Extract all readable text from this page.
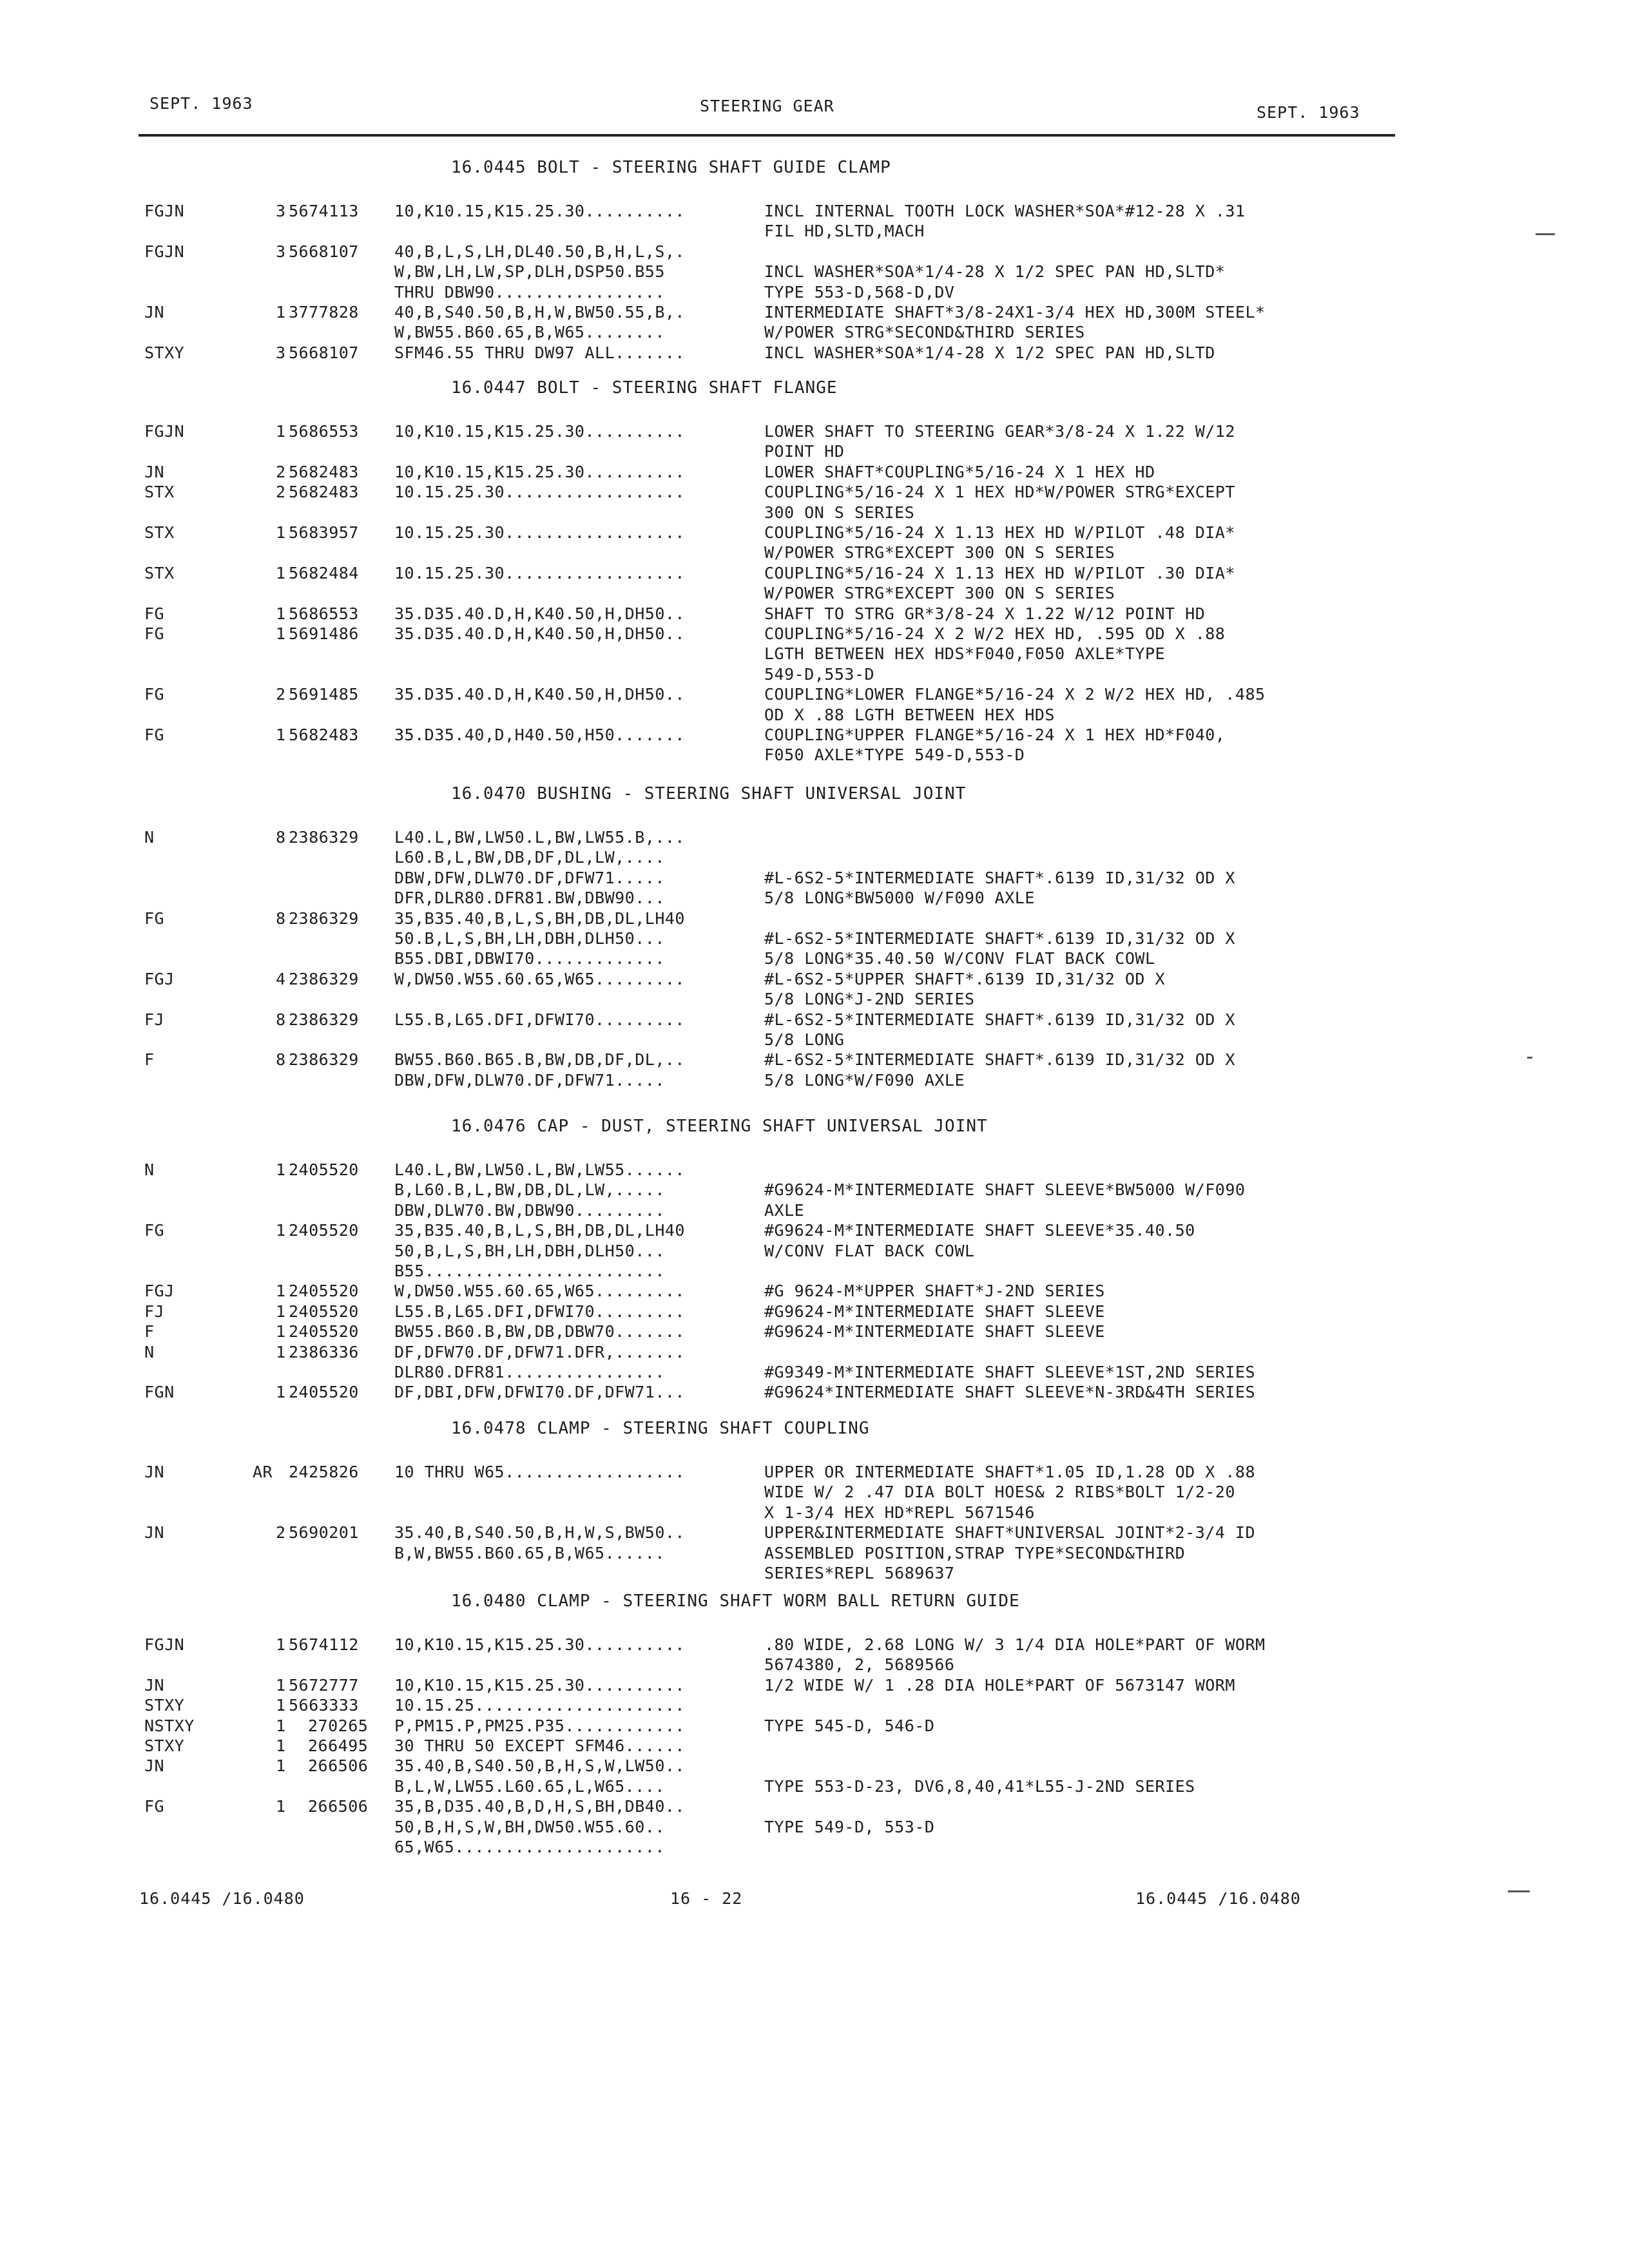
SEPT. 1963	STEERING GEAR	SEPT. 1963
16.0445 BOLT - STEERING SHAFT GUIDE CLAMP
FGJN	3 5674113 10,K10.15,K15.25.30..........	INCL INTERNAL TOOTH LOCK WASHER*SOA*#12-28 X .31
FIL HD,SLTD,MACH
FGJN	3 5668107 40,B,L,S,LH,DL40.50,B,H,L,S,.
W,BW,LH,LW,SP,DLH,DSP50.B55	INCL WASHER*SOA*1/4-28 X 1/2 SPEC PAN HD,SLTD*
THRU DBW90.................	TYPE 553-D,568-D,DV
JN	1 3777828 40,B,S40.50,B,H,W,BW50.55,B,.	INTERMEDIATE SHAFT*3/8-24X1-3/4 HEX HD,300M STEEL*
W,BW55.B60.65,B,W65........	W/POWER STRG*SECOND&THIRD SERIES
STXY	3 5668107 SFM46.55 THRU DW97 ALL.......	INCL WASHER*SOA*1/4-28 X 1/2 SPEC PAN HD,SLTD
16.0447 BOLT - STEERING SHAFT FLANGE
FGJN	1 5686553 10,K10.15,K15.25.30..........	LOWER SHAFT TO STEERING GEAR*3/8-24 X 1.22 W/12
POINT HD
JN	2 5682483 10,K10.15,K15.25.30..........	LOWER SHAFT*COUPLING*5/16-24 X 1 HEX HD
STX	2 5682483 10.15.25.30..................	COUPLING*5/16-24 X 1 HEX HD*W/POWER STRG*EXCEPT
300 ON S SERIES
STX	1 5683957 10.15.25.30..................	COUPLING*5/16-24 X 1.13 HEX HD W/PILOT .48 DIA*
W/POWER STRG*EXCEPT 300 ON S SERIES
STX	1 5682484 10.15.25.30..................	COUPLING*5/16-24 X 1.13 HEX HD W/PILOT .30 DIA*
W/POWER STRG*EXCEPT 300 ON S SERIES
FG	1 5686553 35.D35.40.D,H,K40.50,H,DH50..	SHAFT TO STRG GR*3/8-24 X 1.22 W/12 POINT HD
FG	1 5691486 35.D35.40.D,H,K40.50,H,DH50..	COUPLING*5/16-24 X 2 W/2 HEX HD, .595 OD X .88
LGTH BETWEEN HEX HDS*F040,F050 AXLE*TYPE
549-D,553-D
FG	2 5691485 35.D35.40.D,H,K40.50,H,DH50..	COUPLING*LOWER FLANGE*5/16-24 X 2 W/2 HEX HD, .485
OD X .88 LGTH BETWEEN HEX HDS
FG	1 5682483 35.D35.40,D,H40.50,H50.......	COUPLING*UPPER FLANGE*5/16-24 X 1 HEX HD*F040,
F050 AXLE*TYPE 549-D,553-D
16.0470 BUSHING - STEERING SHAFT UNIVERSAL JOINT
N	8 2386329 L40.L,BW,LW50.L,BW,LW55.B,...
L60.B,L,BW,DB,DF,DL,LW,....
DBW,DFW,DLW70.DF,DFW71.....	#L-6S2-5*INTERMEDIATE SHAFT*.6139 ID,31/32 OD X
DFR,DLR80.DFR81.BW,DBW90...	5/8 LONG*BW5000 W/F090 AXLE
FG	8 2386329 35,B35.40,B,L,S,BH,DB,DL,LH40
50.B,L,S,BH,LH,DBH,DLH50...	#L-6S2-5*INTERMEDIATE SHAFT*.6139 ID,31/32 OD X
B55.DBI,DBWI70.............	5/8 LONG*35.40.50 W/CONV FLAT BACK COWL
FGJ	4 2386329 W,DW50.W55.60.65,W65.........	#L-6S2-5*UPPER SHAFT*.6139 ID,31/32 OD X
5/8 LONG*J-2ND SERIES
FJ	8 2386329 L55.B,L65.DFI,DFWI70.........	#L-6S2-5*INTERMEDIATE SHAFT*.6139 ID,31/32 OD X
5/8 LONG
F	8 2386329 BW55.B60.B65.B,BW,DB,DF,DL,..	#L-6S2-5*INTERMEDIATE SHAFT*.6139 ID,31/32 OD X
DBW,DFW,DLW70.DF,DFW71.....	5/8 LONG*W/F090 AXLE
16.0476 CAP - DUST, STEERING SHAFT UNIVERSAL JOINT
N	1 2405520 L40.L,BW,LW50.L,BW,LW55......
B,L60.B,L,BW,DB,DL,LW,.....	#G9624-M*INTERMEDIATE SHAFT SLEEVE*BW5000 W/F090
DBW,DLW70.BW,DBW90.........	AXLE
FG	1 2405520 35,B35.40,B,L,S,BH,DB,DL,LH40	#G9624-M*INTERMEDIATE SHAFT SLEEVE*35.40.50
50,B,L,S,BH,LH,DBH,DLH50...	W/CONV FLAT BACK COWL
B55........................
FGJ	1 2405520 W,DW50.W55.60.65,W65.........	#G 9624-M*UPPER SHAFT*J-2ND SERIES
FJ	1 2405520 L55.B,L65.DFI,DFWI70.........	#G9624-M*INTERMEDIATE SHAFT SLEEVE
F	1 2405520 BW55.B60.B,BW,DB,DBW70.......	#G9624-M*INTERMEDIATE SHAFT SLEEVE
N	1 2386336 DF,DFW70.DF,DFW71.DFR,.......
DLR80.DFR81................	#G9349-M*INTERMEDIATE SHAFT SLEEVE*1ST,2ND SERIES
FGN	1 2405520 DF,DBI,DFW,DFWI70.DF,DFW71...	#G9624*INTERMEDIATE SHAFT SLEEVE*N-3RD&4TH SERIES
16.0478 CLAMP - STEERING SHAFT COUPLING
JN	AR 2425826 10 THRU W65..................	UPPER OR INTERMEDIATE SHAFT*1.05 ID,1.28 OD X .88
WIDE W/ 2 .47 DIA BOLT HOES& 2 RIBS*BOLT 1/2-20
X 1-3/4 HEX HD*REPL 5671546
JN	2 5690201 35.40,B,S40.50,B,H,W,S,BW50..	UPPER&INTERMEDIATE SHAFT*UNIVERSAL JOINT*2-3/4 ID
B,W,BW55.B60.65,B,W65......	ASSEMBLED POSITION,STRAP TYPE*SECOND&THIRD
SERIES*REPL 5689637
16.0480 CLAMP - STEERING SHAFT WORM BALL RETURN GUIDE
FGJN	1 5674112 10,K10.15,K15.25.30..........	.80 WIDE, 2.68 LONG W/ 3 1/4 DIA HOLE*PART OF WORM
5674380, 2, 5689566
JN	1 5672777 10,K10.15,K15.25.30..........	1/2 WIDE W/ 1 .28 DIA HOLE*PART OF 5673147 WORM
STXY	1 5663333 10.15.25.....................
NSTXY	1 270265 P,PM15.P,PM25.P35............	TYPE 545-D, 546-D
STXY	1 266495 30 THRU 50 EXCEPT SFM46......
JN	1 266506 35.40,B,S40.50,B,H,S,W,LW50..
B,L,W,LW55.L60.65,L,W65....	TYPE 553-D-23, DV6,8,40,41*L55-J-2ND SERIES
FG	1 266506 35,B,D35.40,B,D,H,S,BH,DB40..
50,B,H,S,W,BH,DW50.W55.60..	TYPE 549-D, 553-D
65,W65.....................
16.0445 /16.0480	16 - 22	16.0445 /16.0480
